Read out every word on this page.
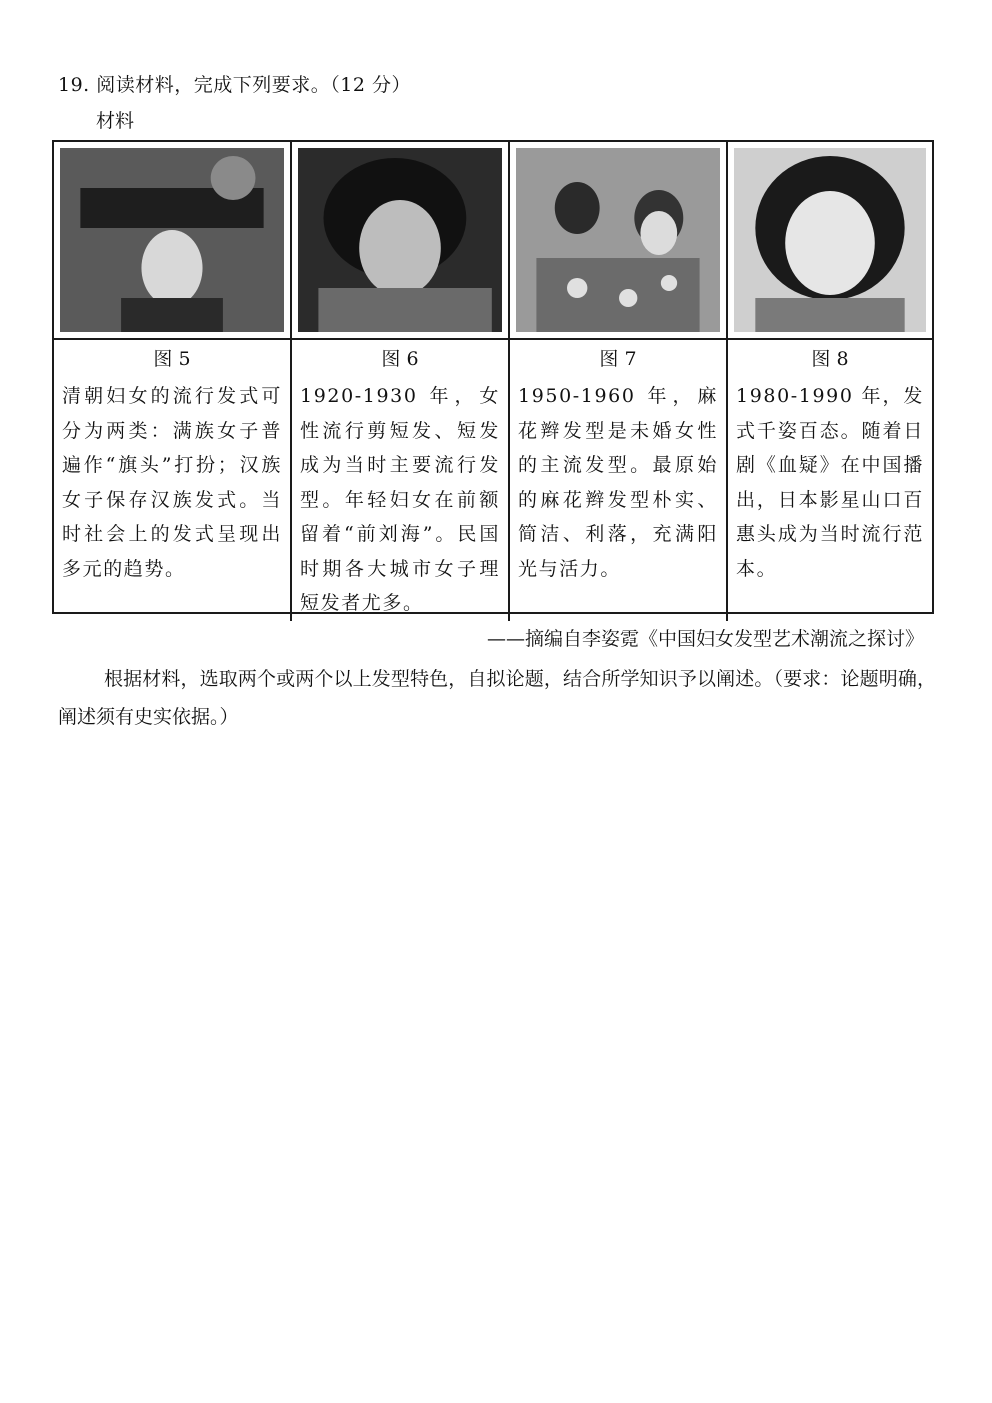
19. 阅读材料，完成下列要求。（12 分）
材料
图 5
清朝妇女的流行发式可分为两类：满族女子普遍作“旗头”打扮；汉族女子保存汉族发式。当时社会上的发式呈现出多元的趋势。
图 6
1920-1930 年，女性流行剪短发、短发成为当时主要流行发型。年轻妇女在前额留着“前刘海”。民国时期各大城市女子理短发者尤多。
图 7
1950-1960 年，麻花辫发型是未婚女性的主流发型。最原始的麻花辫发型朴实、简洁、利落，充满阳光与活力。
图 8
1980-1990 年，发式千姿百态。随着日剧《血疑》在中国播出，日本影星山口百惠头成为当时流行范本。
——摘编自李姿霓《中国妇女发型艺术潮流之探讨》
根据材料，选取两个或两个以上发型特色，自拟论题，结合所学知识予以阐述。（要求：论题明确，阐述须有史实依据。）
